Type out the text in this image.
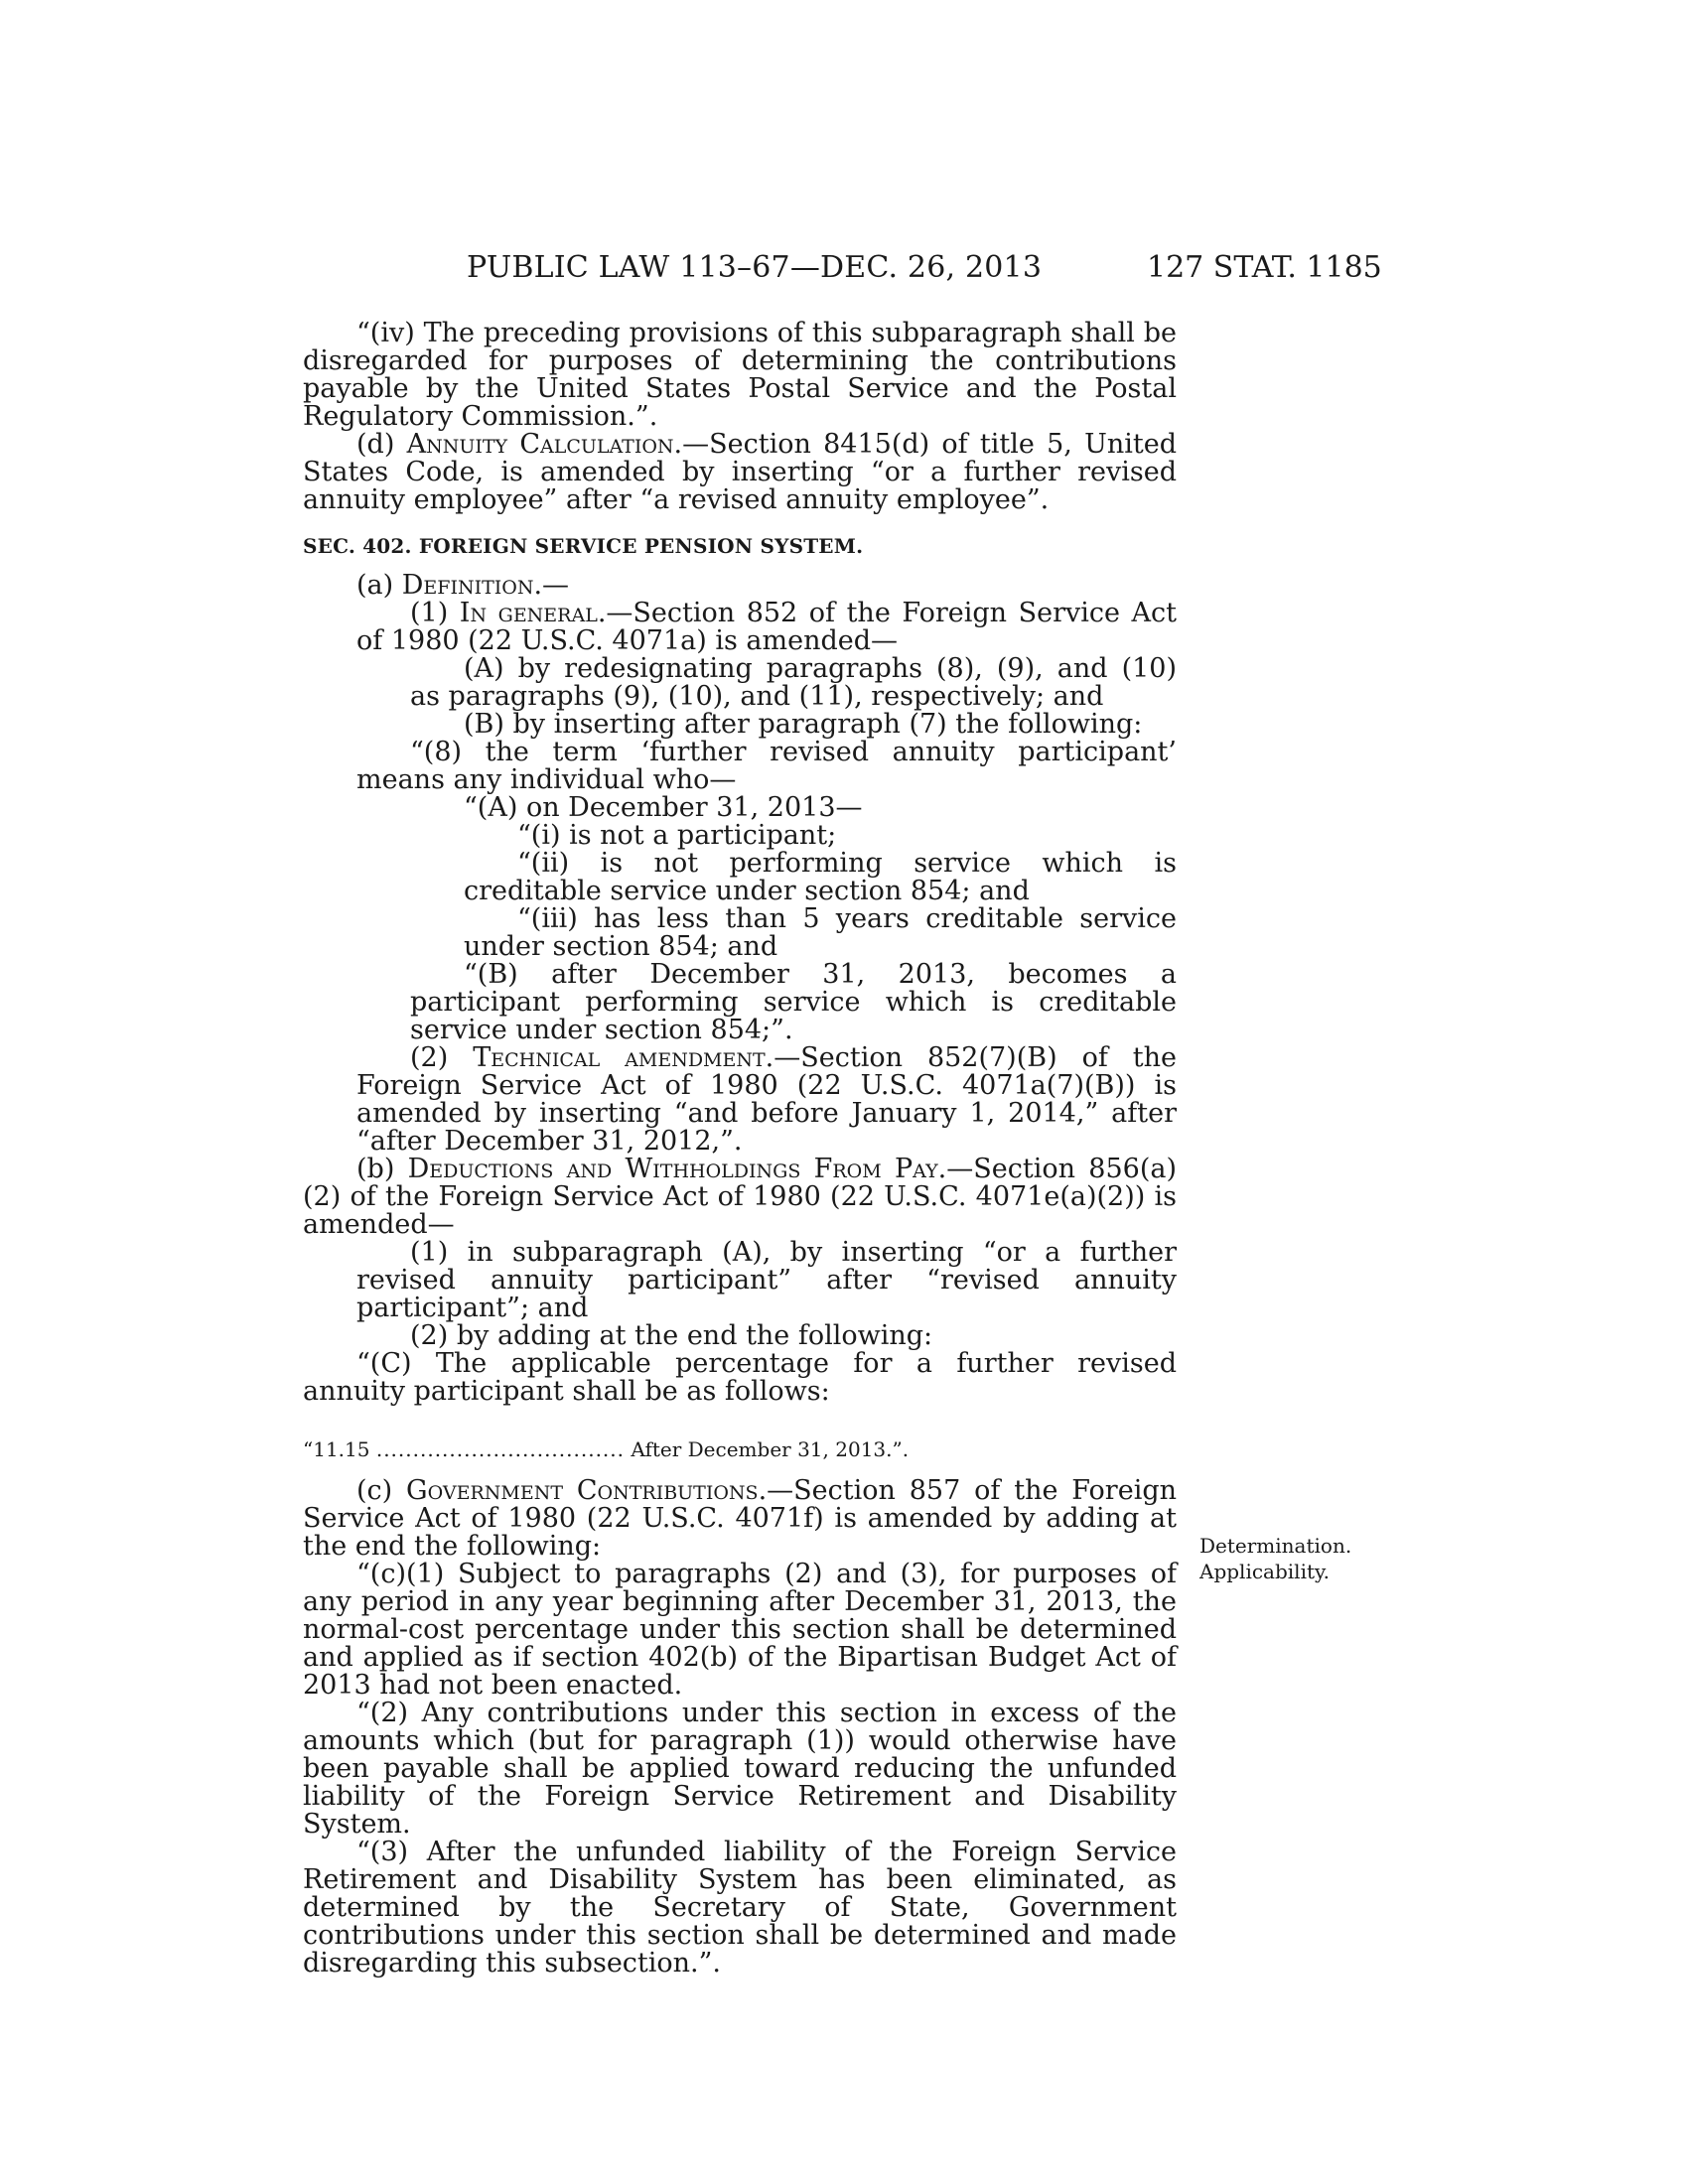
PUBLIC LAW 113–67—DEC. 26, 2013	127 STAT. 1185

“(iv) The preceding provisions of this subparagraph shall be disregarded for purposes of determining the contributions payable by the United States Postal Service and the Postal Regulatory Commission.”.

(d) Annuity Calculation.—Section 8415(d) of title 5, United States Code, is amended by inserting “or a further revised annuity employee” after “a revised annuity employee”.

SEC. 402. FOREIGN SERVICE PENSION SYSTEM.

(a) Definition.—

(1) In general.—Section 852 of the Foreign Service Act of 1980 (22 U.S.C. 4071a) is amended—

(A) by redesignating paragraphs (8), (9), and (10) as paragraphs (9), (10), and (11), respectively; and

(B) by inserting after paragraph (7) the following:

“(8) the term ‘further revised annuity participant’ means any individual who—

“(A) on December 31, 2013—

“(i) is not a participant;

“(ii) is not performing service which is creditable service under section 854; and

“(iii) has less than 5 years creditable service under section 854; and

“(B) after December 31, 2013, becomes a participant performing service which is creditable service under section 854;”.

(2) Technical amendment.—Section 852(7)(B) of the Foreign Service Act of 1980 (22 U.S.C. 4071a(7)(B)) is amended by inserting “and before January 1, 2014,” after “after December 31, 2012,”.

(b) Deductions and Withholdings From Pay.—Section 856(a)(2) of the Foreign Service Act of 1980 (22 U.S.C. 4071e(a)(2)) is amended—

(1) in subparagraph (A), by inserting “or a further revised annuity participant” after “revised annuity participant”; and

(2) by adding at the end the following:

“(C) The applicable percentage for a further revised annuity participant shall be as follows:

“11.15 .................................. After December 31, 2013.”.

(c) Government Contributions.—Section 857 of the Foreign Service Act of 1980 (22 U.S.C. 4071f) is amended by adding at the end the following:

“(c)(1) Subject to paragraphs (2) and (3), for purposes of any period in any year beginning after December 31, 2013, the normal-cost percentage under this section shall be determined and applied as if section 402(b) of the Bipartisan Budget Act of 2013 had not been enacted.

“(2) Any contributions under this section in excess of the amounts which (but for paragraph (1)) would otherwise have been payable shall be applied toward reducing the unfunded liability of the Foreign Service Retirement and Disability System.

“(3) After the unfunded liability of the Foreign Service Retirement and Disability System has been eliminated, as determined by the Secretary of State, Government contributions under this section shall be determined and made disregarding this subsection.”.

Determination.
Applicability.
